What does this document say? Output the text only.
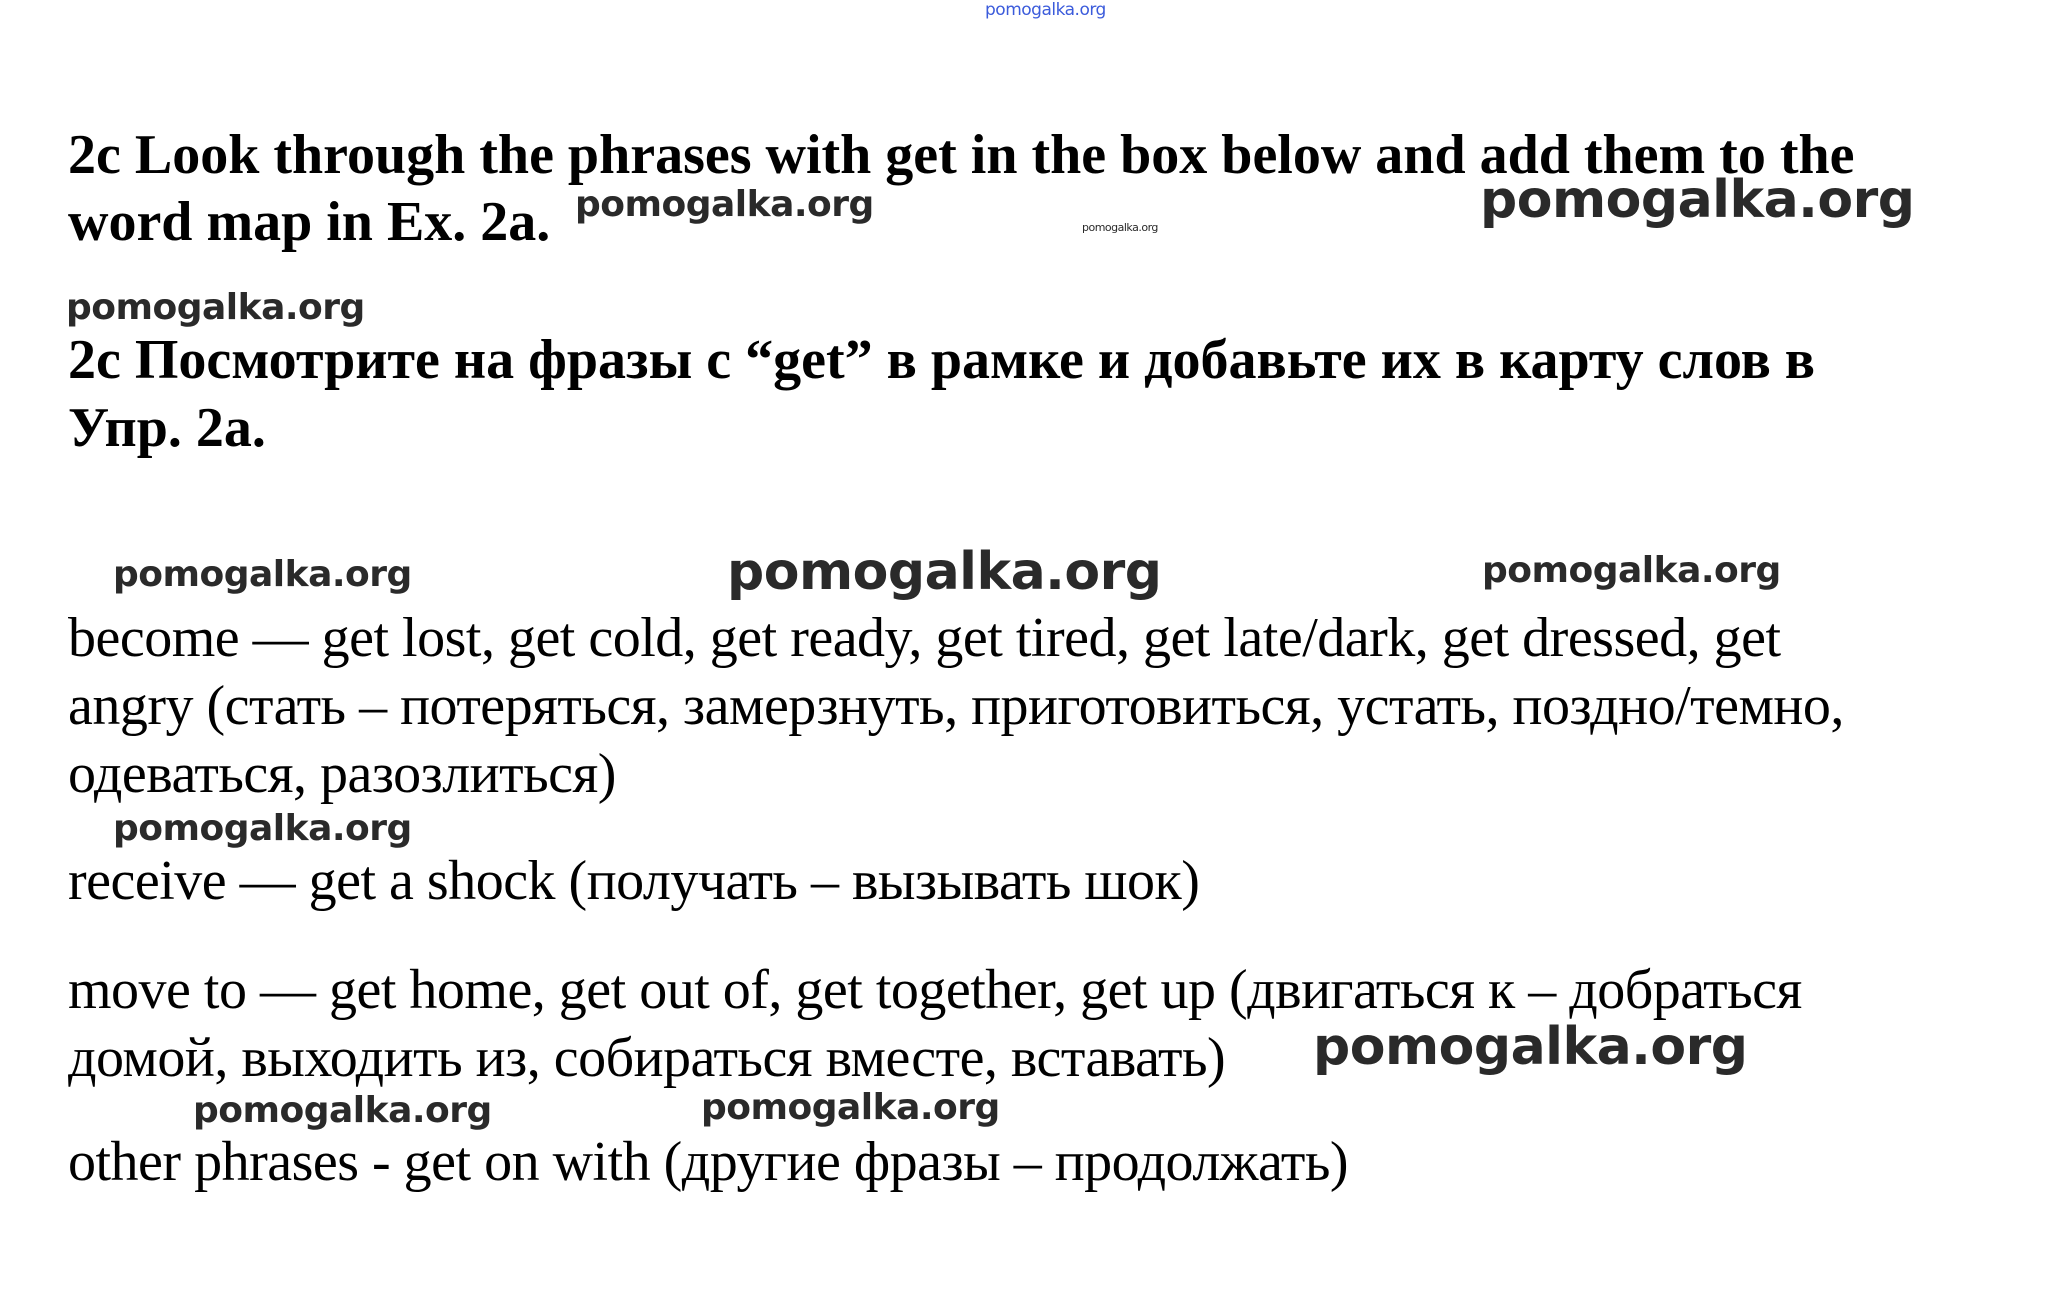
pomogalka.org

2c Look through the phrases with get in the box below and add them to the

word map in Ex. 2a. pomogalka.org
pomogalka.org	pomogalka.org
pomogalka.org

2c Посмотрите на фразы с “get” в рамке и добавьте их в карту слов в

Упр. 2а.

pomogalka.org	pomogalka.org	pomogalka.org

become — get lost, get cold, get ready, get tired, get late/dark, get dressed, get

angry (стать – потеряться, замерзнуть, приготовиться, устать, поздно/темно,

одеваться, разозлиться)

pomogalka.org

receive — get a shock (получать – вызывать шок)

move to — get home, get out of, get together, get up (двигаться к – добраться

домой, выходить из, собираться вместе, вставать) pomogalka.org
pomogalka.org	pomogalka.org

other phrases - get on with (другие фразы – продолжать)
